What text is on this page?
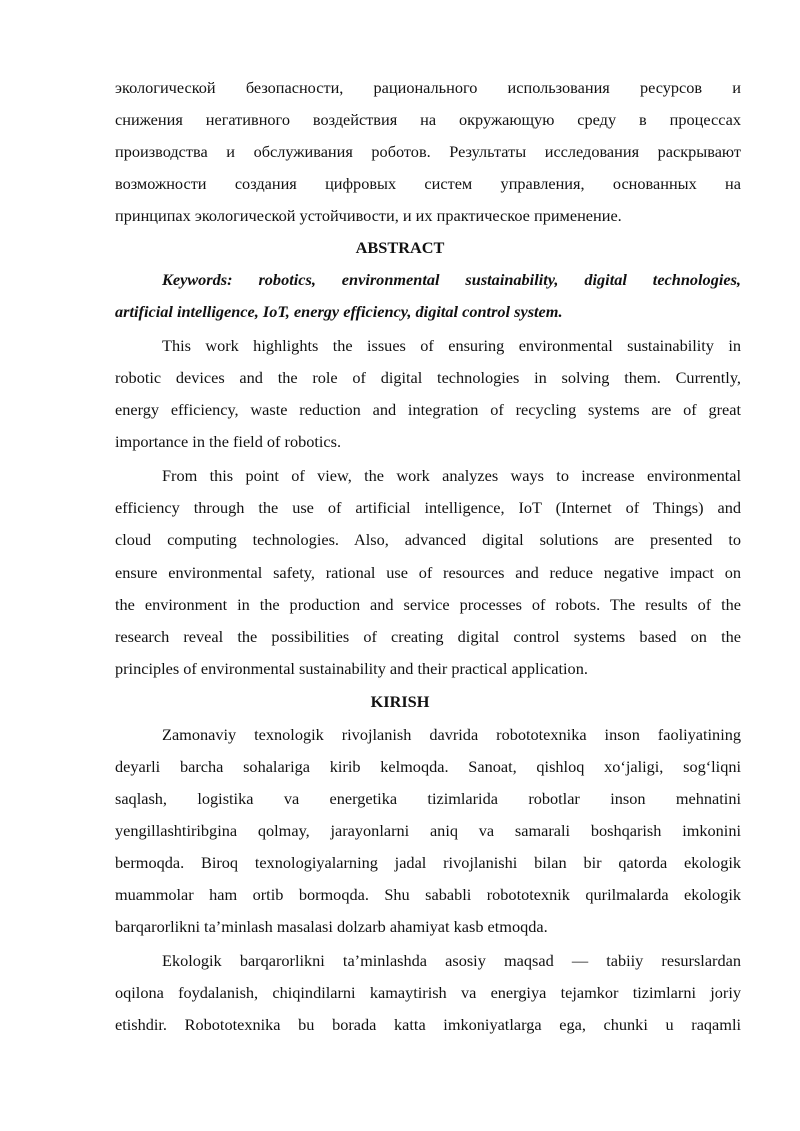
экологической безопасности, рационального использования ресурсов и
снижения негативного воздействия на окружающую среду в процессах
производства и обслуживания роботов. Результаты исследования раскрывают
возможности создания цифровых систем управления, основанных на
принципах экологической устойчивости, и их практическое применение.
ABSTRACT
Keywords: robotics, environmental sustainability, digital technologies,
artificial intelligence, IoT, energy efficiency, digital control system.
This work highlights the issues of ensuring environmental sustainability in
robotic devices and the role of digital technologies in solving them. Currently,
energy efficiency, waste reduction and integration of recycling systems are of great
importance in the field of robotics.
From this point of view, the work analyzes ways to increase environmental
efficiency through the use of artificial intelligence, IoT (Internet of Things) and
cloud computing technologies. Also, advanced digital solutions are presented to
ensure environmental safety, rational use of resources and reduce negative impact on
the environment in the production and service processes of robots. The results of the
research reveal the possibilities of creating digital control systems based on the
principles of environmental sustainability and their practical application.
KIRISH
Zamonaviy texnologik rivojlanish davrida robototexnika inson faoliyatining
deyarli barcha sohalariga kirib kelmoqda. Sanoat, qishloq xo‘jaligi, sog‘liqni
saqlash, logistika va energetika tizimlarida robotlar inson mehnatini
yengillashtiribgina qolmay, jarayonlarni aniq va samarali boshqarish imkonini
bermoqda. Biroq texnologiyalarning jadal rivojlanishi bilan bir qatorda ekologik
muammolar ham ortib bormoqda. Shu sababli robototexnik qurilmalarda ekologik
barqarorlikni ta’minlash masalasi dolzarb ahamiyat kasb etmoqda.
Ekologik barqarorlikni ta’minlashda asosiy maqsad — tabiiy resurslardan
oqilona foydalanish, chiqindilarni kamaytirish va energiya tejamkor tizimlarni joriy
etishdir. Robototexnika bu borada katta imkoniyatlarga ega, chunki u raqamli
